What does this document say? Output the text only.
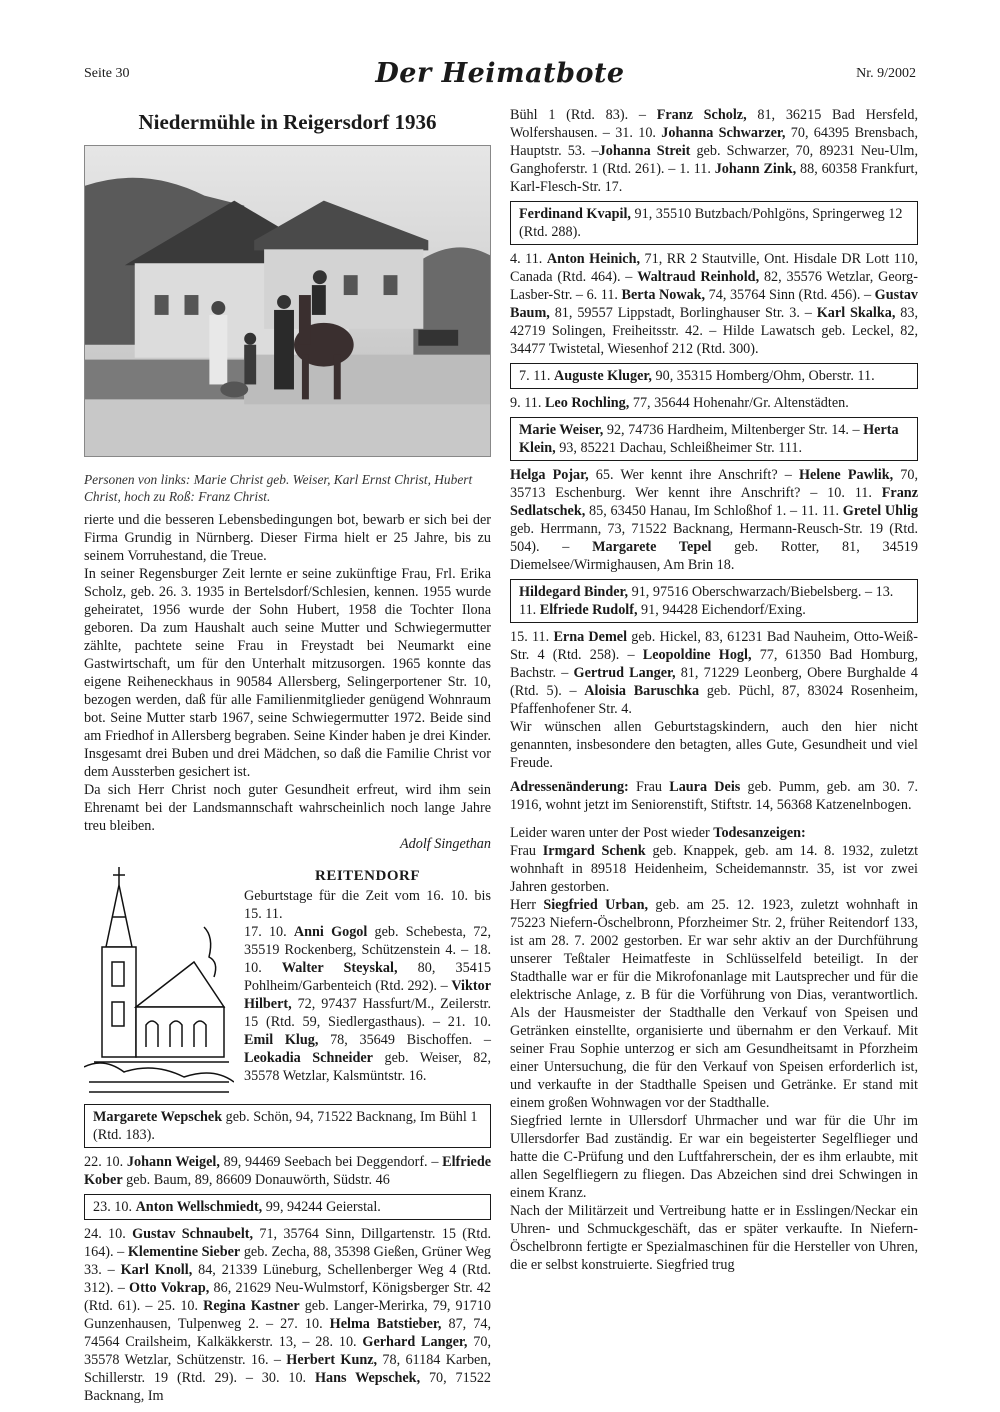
Seite 30	Der Heimatbote	Nr. 9/2002
Niedermühle in Reigersdorf 1936
Personen von links: Marie Christ geb. Weiser, Karl Ernst Christ, Hubert Christ, hoch zu Roß: Franz Christ.
rierte und die besseren Lebensbedingungen bot, bewarb er sich bei der Firma Grundig in Nürnberg. Dieser Firma hielt er 25 Jahre, bis zu seinem Vorruhestand, die Treue.
In seiner Regensburger Zeit lernte er seine zukünftige Frau, Frl. Erika Scholz, geb. 26. 3. 1935 in Bertelsdorf/Schlesien, kennen. 1955 wurde geheiratet, 1956 wurde der Sohn Hubert, 1958 die Tochter Ilona geboren. Da zum Haushalt auch seine Mutter und Schwiegermutter zählte, pachtete seine Frau in Freystadt bei Neumarkt eine Gastwirtschaft, um für den Unterhalt mitzusorgen. 1965 konnte das eigene Reiheneckhaus in 90584 Allersberg, Selingerportener Str. 10, bezogen werden, daß für alle Familienmitglieder genügend Wohnraum bot. Seine Mutter starb 1967, seine Schwiegermutter 1972. Beide sind am Friedhof in Allersberg begraben. Seine Kinder haben je drei Kinder. Insgesamt drei Buben und drei Mädchen, so daß die Familie Christ vor dem Aussterben gesichert ist.
Da sich Herr Christ noch guter Gesundheit erfreut, wird ihm sein Ehrenamt bei der Landsmannschaft wahrscheinlich noch lange Jahre treu bleiben.
Adolf Singethan
REITENDORF
Geburtstage für die Zeit vom 16. 10. bis 15. 11.
17. 10. Anni Gogol geb. Schebesta, 72, 35519 Rockenberg, Schützenstein 4. – 18. 10. Walter Steyskal, 80, 35415 Pohlheim/Garbenteich (Rtd. 292). – Viktor Hilbert, 72, 97437 Hassfurt/M., Zeilerstr. 15 (Rtd. 59, Siedlergasthaus). – 21. 10. Emil Klug, 78, 35649 Bischoffen. – Leokadia Schneider geb. Weiser, 82, 35578 Wetzlar, Kalsmüntstr. 16.
Margarete Wepschek geb. Schön, 94, 71522 Backnang, Im Bühl 1 (Rtd. 183).
22. 10. Johann Weigel, 89, 94469 Seebach bei Deggendorf. – Elfriede Kober geb. Baum, 89, 86609 Donauwörth, Südstr. 46
23. 10. Anton Wellschmiedt, 99, 94244 Geierstal.
24. 10. Gustav Schnaubelt, 71, 35764 Sinn, Dillgartenstr. 15 (Rtd. 164). – Klementine Sieber geb. Zecha, 88, 35398 Gießen, Grüner Weg 33. – Karl Knoll, 84, 21339 Lüneburg, Schellenberger Weg 4 (Rtd. 312). – Otto Vokrap, 86, 21629 Neu-Wulmstorf, Königsberger Str. 42 (Rtd. 61). – 25. 10. Regina Kastner geb. Langer-Merirka, 79, 91710 Gunzenhausen, Tulpenweg 2. – 27. 10. Helma Batstieber, 87, 74, 74564 Crailsheim, Kalkäkkerstr. 13, – 28. 10. Gerhard Langer, 70, 35578 Wetzlar, Schützenstr. 16. – Herbert Kunz, 78, 61184 Karben, Schillerstr. 19 (Rtd. 29). – 30. 10. Hans Wepschek, 70, 71522 Backnang, Im
Bühl 1 (Rtd. 83). – Franz Scholz, 81, 36215 Bad Hersfeld, Wolfershausen. – 31. 10. Johanna Schwarzer, 70, 64395 Brensbach, Hauptstr. 53. –Johanna Streit geb. Schwarzer, 70, 89231 Neu-Ulm, Ganghoferstr. 1 (Rtd. 261). – 1. 11. Johann Zink, 88, 60358 Frankfurt, Karl-Flesch-Str. 17.
Ferdinand Kvapil, 91, 35510 Butzbach/Pohlgöns, Springerweg 12 (Rtd. 288).
4. 11. Anton Heinich, 71, RR 2 Stautville, Ont. Hisdale DR Lott 110, Canada (Rtd. 464). – Waltraud Reinhold, 82, 35576 Wetzlar, Georg-Lasber-Str. – 6. 11. Berta Nowak, 74, 35764 Sinn (Rtd. 456). – Gustav Baum, 81, 59557 Lippstadt, Borlinghauser Str. 3. – Karl Skalka, 83, 42719 Solingen, Freiheitsstr. 42. – Hilde Lawatsch geb. Leckel, 82, 34477 Twistetal, Wiesenhof 212 (Rtd. 300).
7. 11. Auguste Kluger, 90, 35315 Homberg/Ohm, Oberstr. 11.
9. 11. Leo Rochling, 77, 35644 Hohenahr/Gr. Altenstädten.
Marie Weiser, 92, 74736 Hardheim, Miltenberger Str. 14. – Herta Klein, 93, 85221 Dachau, Schleißheimer Str. 111.
Helga Pojar, 65. Wer kennt ihre Anschrift? – Helene Pawlik, 70, 35713 Eschenburg. Wer kennt ihre Anschrift? – 10. 11. Franz Sedlatschek, 85, 63450 Hanau, Im Schloßhof 1. – 11. 11. Gretel Uhlig geb. Herrmann, 73, 71522 Backnang, Hermann-Reusch-Str. 19 (Rtd. 504). – Margarete Tepel geb. Rotter, 81, 34519 Diemelsee/Wirmighausen, Am Brin 18.
Hildegard Binder, 91, 97516 Oberschwarzach/Biebelsberg. – 13. 11. Elfriede Rudolf, 91, 94428 Eichendorf/Exing.
15. 11. Erna Demel geb. Hickel, 83, 61231 Bad Nauheim, Otto-Weiß-Str. 4 (Rtd. 258). – Leopoldine Hogl, 77, 61350 Bad Homburg, Bachstr. – Gertrud Langer, 81, 71229 Leonberg, Obere Burghalde 4 (Rtd. 5). – Aloisia Baruschka geb. Püchl, 87, 83024 Rosenheim, Pfaffenhofener Str. 4.
Wir wünschen allen Geburtstagskindern, auch den hier nicht genannten, insbesondere den betagten, alles Gute, Gesundheit und viel Freude.
Adressenänderung: Frau Laura Deis geb. Pumm, geb. am 30. 7. 1916, wohnt jetzt im Seniorenstift, Stiftstr. 14, 56368 Katzenelnbogen.
Leider waren unter der Post wieder Todesanzeigen:
Frau Irmgard Schenk geb. Knappek, geb. am 14. 8. 1932, zuletzt wohnhaft in 89518 Heidenheim, Scheidemannstr. 35, ist vor zwei Jahren gestorben.
Herr Siegfried Urban, geb. am 25. 12. 1923, zuletzt wohnhaft in 75223 Niefern-Öschelbronn, Pforzheimer Str. 2, früher Reitendorf 133, ist am 28. 7. 2002 gestorben. Er war sehr aktiv an der Durchführung unserer Teßtaler Heimatfeste in Schlüsselfeld beteiligt. In der Stadthalle war er für die Mikrofonanlage mit Lautsprecher und für die elektrische Anlage, z. B für die Vorführung von Dias, verantwortlich. Als der Hausmeister der Stadthalle den Verkauf von Speisen und Getränken einstellte, organisierte und übernahm er den Verkauf. Mit seiner Frau Sophie unterzog er sich am Gesundheitsamt in Pforzheim einer Untersuchung, die für den Verkauf von Speisen erforderlich ist, und verkaufte in der Stadthalle Speisen und Getränke. Er stand mit einem großen Wohnwagen vor der Stadthalle.
Siegfried lernte in Ullersdorf Uhrmacher und war für die Uhr im Ullersdorfer Bad zuständig. Er war ein begeisterter Segelflieger und hatte die C-Prüfung und den Luftfahrerschein, der es ihm erlaubte, mit allen Segelfliegern zu fliegen. Das Abzeichen sind drei Schwingen in einem Kranz.
Nach der Militärzeit und Vertreibung hatte er in Esslingen/Neckar ein Uhren- und Schmuckgeschäft, das er später verkaufte. In Niefern-Öschelbronn fertigte er Spezialmaschinen für die Hersteller von Uhren, die er selbst konstruierte. Siegfried trug
